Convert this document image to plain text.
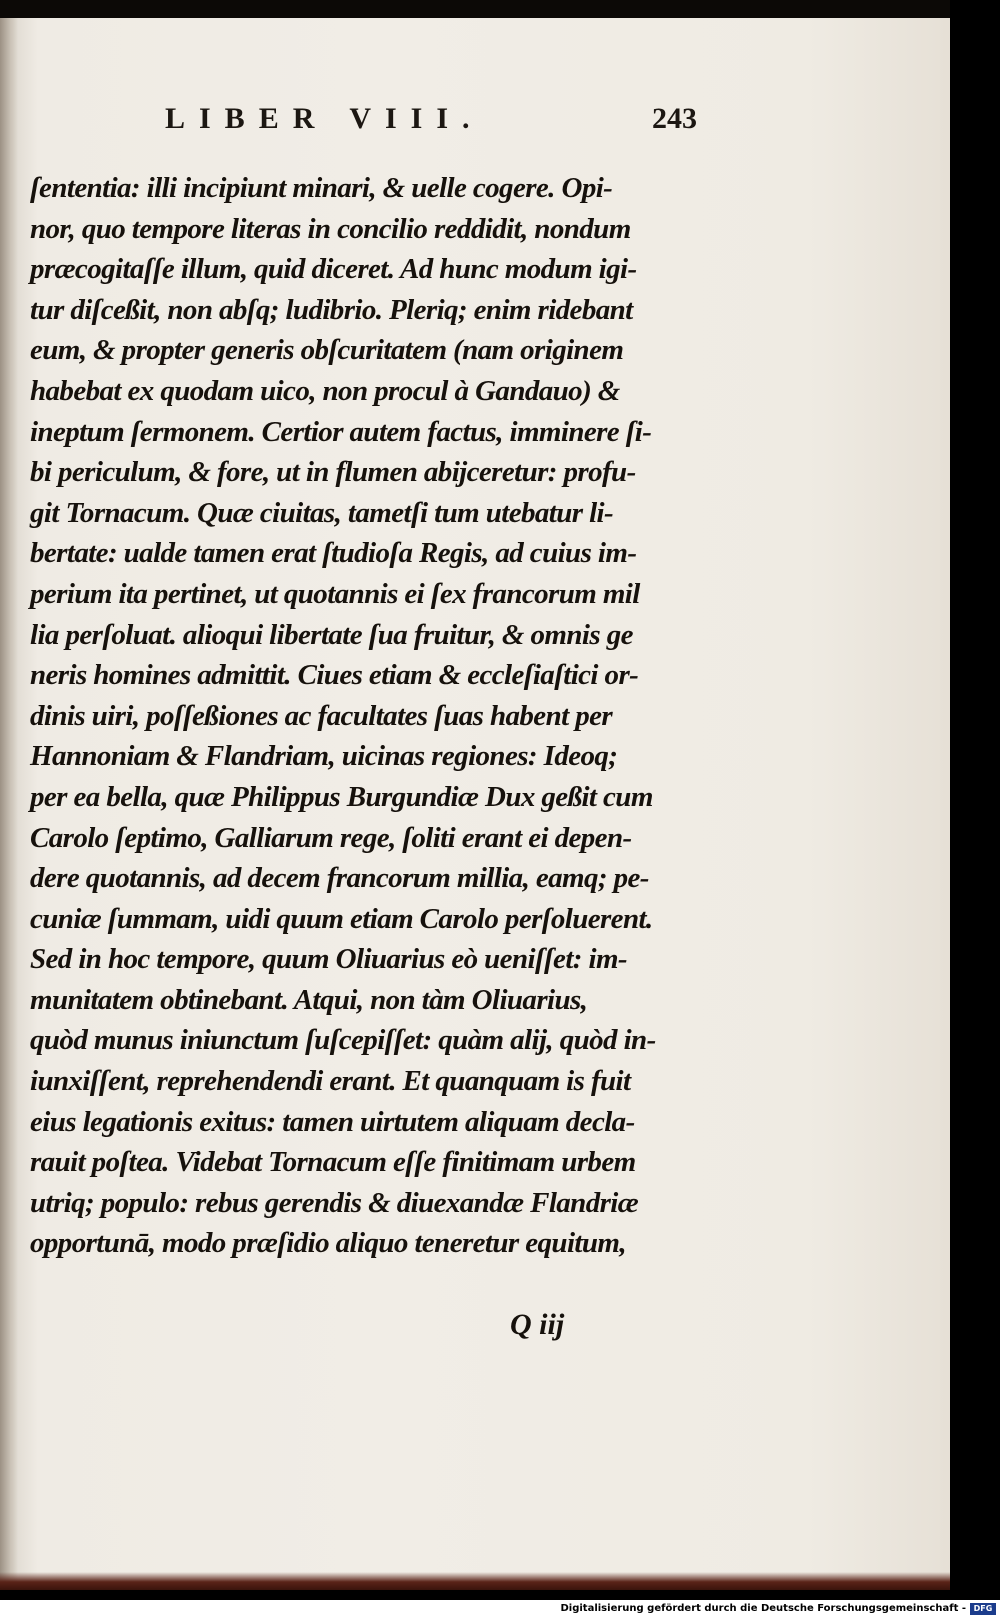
LIBER VIII.	243

ſententia: illi incipiunt minari, & uelle cogere. Opi-
nor, quo tempore literas in concilio reddidit, nondum
præcogitaſſe illum, quid diceret. Ad hunc modum igi-
tur diſceßit, non abſq; ludibrio. Pleriq; enim ridebant
eum, & propter generis obſcuritatem (nam originem
habebat ex quodam uico, non procul à Gandauo) &
ineptum ſermonem. Certior autem factus, imminere ſi-
bi periculum, & fore, ut in flumen abijceretur: profu-
git Tornacum. Quæ ciuitas, tametſi tum utebatur li-
bertate: ualde tamen erat ſtudioſa Regis, ad cuius im-
perium ita pertinet, ut quotannis ei ſex francorum mil
lia perſoluat. alioqui libertate ſua fruitur, & omnis ge
neris homines admittit. Ciues etiam & eccleſiaſtici or-
dinis uiri, poſſeßiones ac facultates ſuas habent per
Hannoniam & Flandriam, uicinas regiones: Ideoq;
per ea bella, quæ Philippus Burgundiæ Dux geßit cum
Carolo ſeptimo, Galliarum rege, ſoliti erant ei depen-
dere quotannis, ad decem francorum millia, eamq; pe-
cuniæ ſummam, uidi quum etiam Carolo perſoluerent.
Sed in hoc tempore, quum Oliuarius eò ueniſſet: im-
munitatem obtinebant. Atqui, non tàm Oliuarius,
quòd munus iniunctum ſuſcepiſſet: quàm alij, quòd in-
iunxiſſent, reprehendendi erant. Et quanquam is fuit
eius legationis exitus: tamen uirtutem aliquam decla-
rauit poſtea. Videbat Tornacum eſſe finitimam urbem
utriq; populo: rebus gerendis & diuexandæ Flandriæ
opportunā, modo præſidio aliquo teneretur equitum,

Q iij

Digitalisierung gefördert durch die Deutsche Forschungsgemeinschaft - DFG
